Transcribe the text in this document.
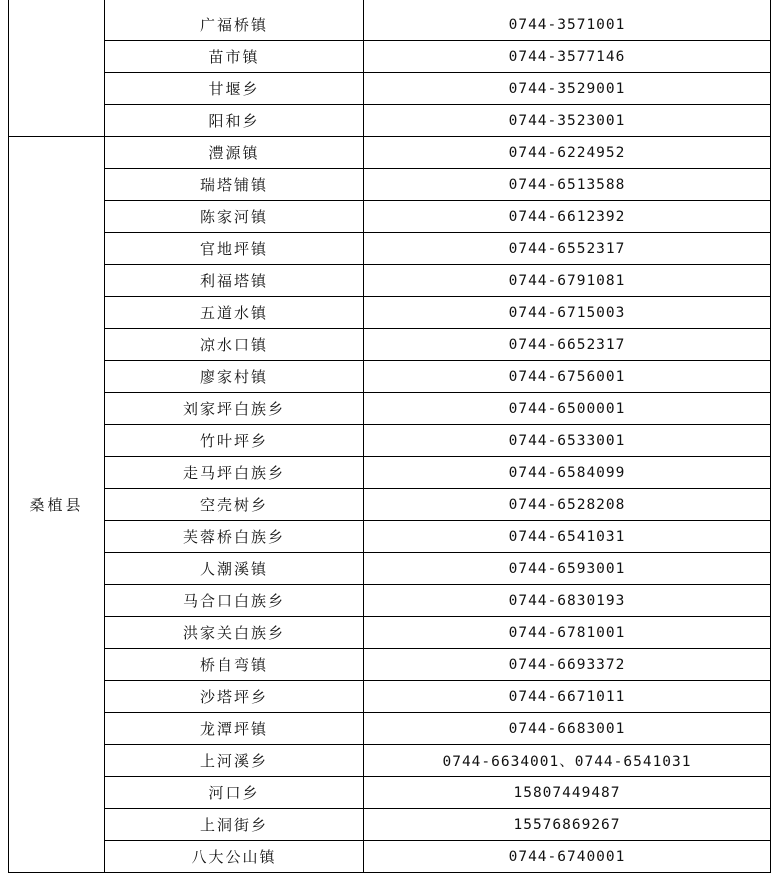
	广福桥镇	0744-3571001
	苗市镇	0744-3577146
	甘堰乡	0744-3529001
	阳和乡	0744-3523001
桑植县	澧源镇	0744-6224952
	瑞塔铺镇	0744-6513588
	陈家河镇	0744-6612392
	官地坪镇	0744-6552317
	利福塔镇	0744-6791081
	五道水镇	0744-6715003
	凉水口镇	0744-6652317
	廖家村镇	0744-6756001
	刘家坪白族乡	0744-6500001
	竹叶坪乡	0744-6533001
	走马坪白族乡	0744-6584099
	空壳树乡	0744-6528208
	芙蓉桥白族乡	0744-6541031
	人潮溪镇	0744-6593001
	马合口白族乡	0744-6830193
	洪家关白族乡	0744-6781001
	桥自弯镇	0744-6693372
	沙塔坪乡	0744-6671011
	龙潭坪镇	0744-6683001
	上河溪乡	0744-6634001、0744-6541031
	河口乡	15807449487
	上洞街乡	15576869267
	八大公山镇	0744-6740001
